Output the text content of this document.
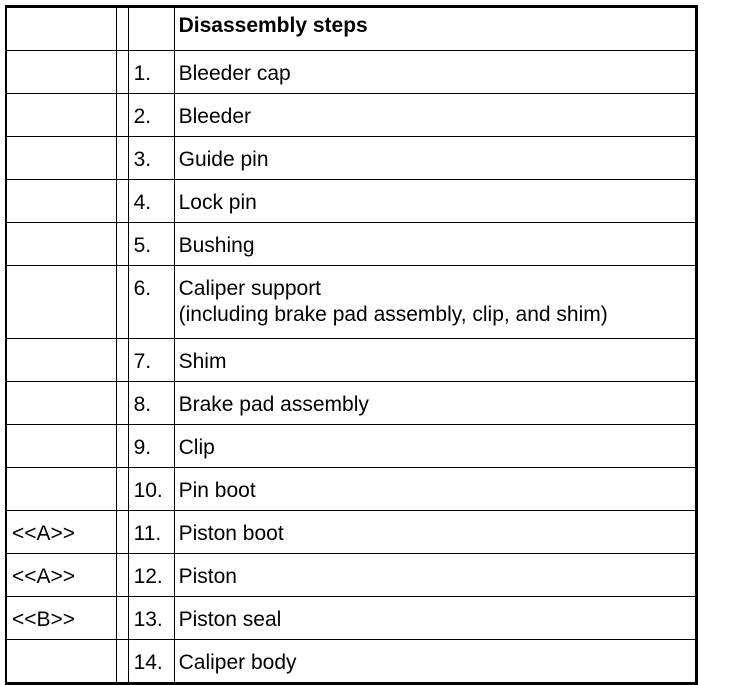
			Disassembly steps
		1.	Bleeder cap

		2.	Bleeder

		3.	Guide pin

		4.	Lock pin

		5.	Bushing

		6.	Caliper support
(including brake pad assembly, clip, and shim)

		7.	Shim

		8.	Brake pad assembly

		9.	Clip

		10.	Pin boot

<<A>>		11.	Piston boot

<<A>>		12.	Piston

<<B>>		13.	Piston seal

		14.	Caliper body
